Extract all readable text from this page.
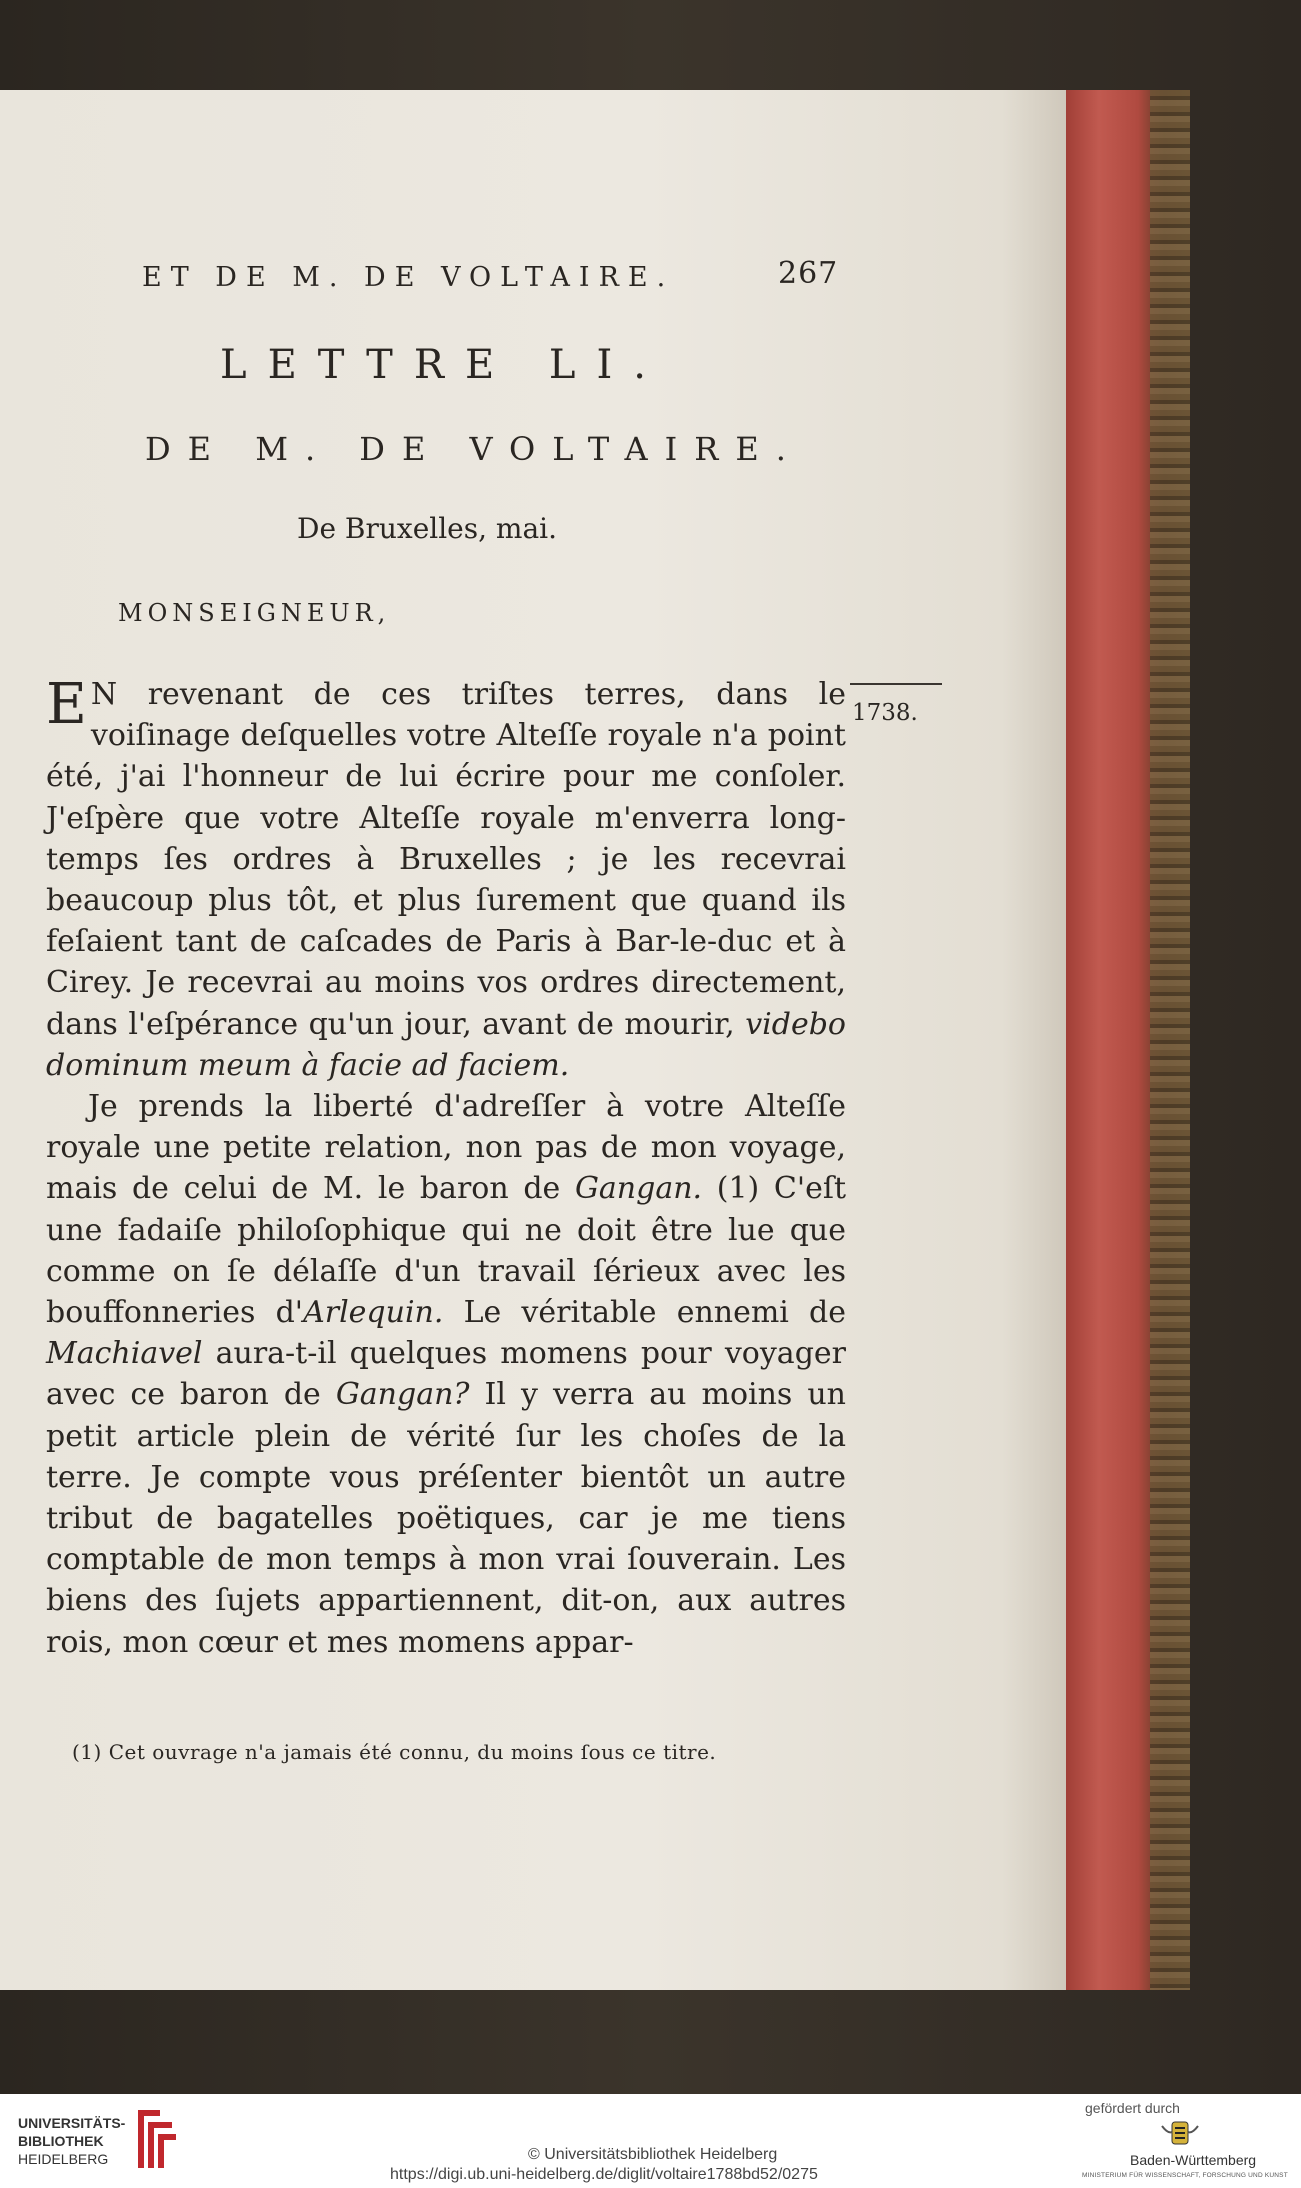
ET DE M. DE VOLTAIRE.	267
LETTRE LI.
DE M. DE VOLTAIRE.
De Bruxelles, mai.
MONSEIGNEUR,
1738.

E N revenant de ces triſtes terres, dans le voiſinage deſquelles votre Alteſſe royale n'a point été, j'ai l'honneur de lui écrire pour me conſoler. J'eſpère que votre Alteſſe royale m'enverra long-temps ſes ordres à Bruxelles ; je les recevrai beaucoup plus tôt, et plus ſurement que quand ils feſaient tant de caſcades de Paris à Bar-le-duc et à Cirey. Je recevrai au moins vos ordres directement, dans l'eſpérance qu'un jour, avant de mourir, videbo dominum meum à facie ad faciem.

Je prends la liberté d'adreſſer à votre Alteſſe royale une petite relation, non pas de mon voyage, mais de celui de M. le baron de Gangan. (1) C'eſt une fadaiſe philoſophique qui ne doit être lue que comme on ſe délaſſe d'un travail ſérieux avec les bouffonneries d'Arlequin. Le véritable ennemi de Machiavel aura-t-il quelques momens pour voyager avec ce baron de Gangan? Il y verra au moins un petit article plein de vérité ſur les choſes de la terre. Je compte vous préſenter bientôt un autre tribut de bagatelles poëtiques, car je me tiens comptable de mon temps à mon vrai ſouverain. Les biens des ſujets appartiennent, dit-on, aux autres rois, mon cœur et mes momens appar-

(1) Cet ouvrage n'a jamais été connu, du moins ſous ce titre.
UNIVERSITÄTS-
BIBLIOTHEK
HEIDELBERG	© Universitätsbibliothek Heidelberg
https://digi.ub.uni-heidelberg.de/diglit/voltaire1788bd52/0275
gefördert durch
Baden-Württemberg
MINISTERIUM FÜR WISSENSCHAFT, FORSCHUNG UND KUNST
